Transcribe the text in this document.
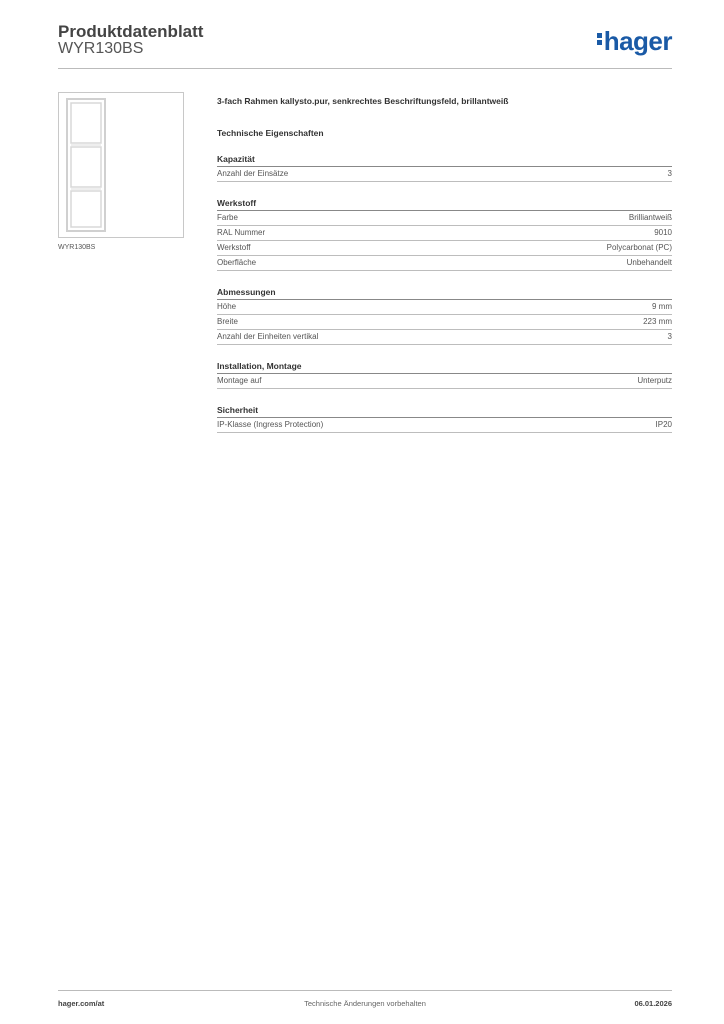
Produktdatenblatt
WYR130BS	hager
WYR130BS
3-fach Rahmen kallysto.pur, senkrechtes Beschriftungsfeld, brillantweiß
Technische Eigenschaften
Kapazität
Anzahl der Einsätze	3
Werkstoff
Farbe	Brilliantweiß
RAL Nummer	9010
Werkstoff	Polycarbonat (PC)
Oberfläche	Unbehandelt
Abmessungen
Höhe	9 mm
Breite	223 mm
Anzahl der Einheiten vertikal	3
Installation, Montage
Montage auf	Unterputz
Sicherheit
IP-Klasse (Ingress Protection)	IP20
Technische Änderungen vorbehalten
hager.com/at	06.01.2026
